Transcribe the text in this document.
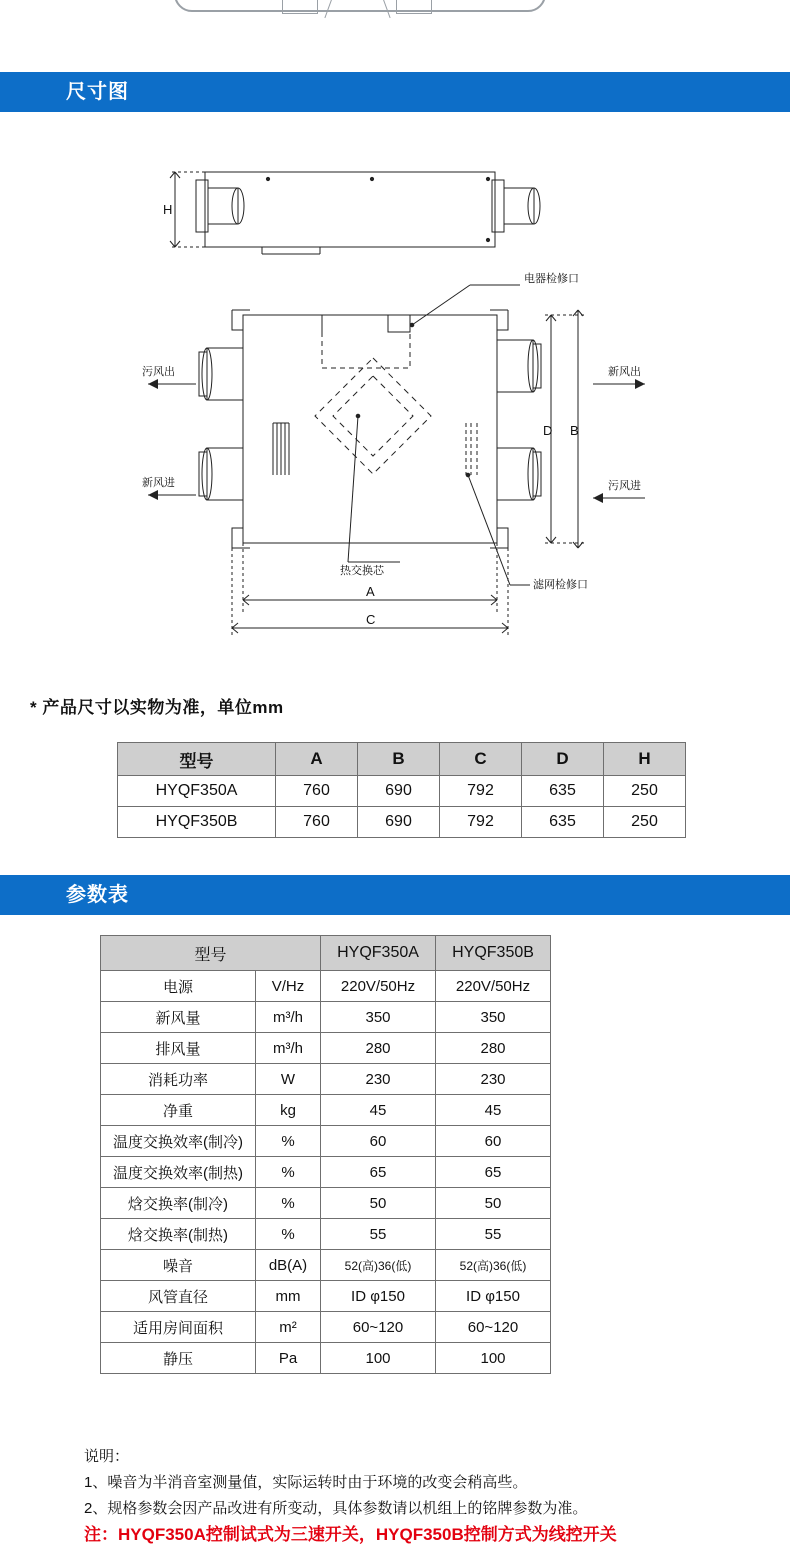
尺寸图
H
D B
A
C
电器检修口
热交换芯
滤网检修口
污风出
新风进
新风出
污风进
* 产品尺寸以实物为准，单位mm
型号	A	B	C	D	H
HYQF350A	760	690	792	635	250
HYQF350B	760	690	792	635	250
参数表
型号		HYQF350A	HYQF350B
电源	V/Hz	220V/50Hz	220V/50Hz
新风量	m³/h	350	350
排风量	m³/h	280	280
消耗功率	W	230	230
净重	kg	45	45
温度交换效率(制冷)	%	60	60
温度交换效率(制热)	%	65	65
焓交换率(制冷)	%	50	50
焓交换率(制热)	%	55	55
噪音	dB(A)	52(高)36(低)	52(高)36(低)
风管直径	mm	ID φ150	ID φ150
适用房间面积	m²	60~120	60~120
静压	Pa	100	100
说明：
1、噪音为半消音室测量值，实际运转时由于环境的改变会稍高些。
2、规格参数会因产品改进有所变动，具体参数请以机组上的铭牌参数为准。
注：HYQF350A控制试式为三速开关，HYQF350B控制方式为线控开关
